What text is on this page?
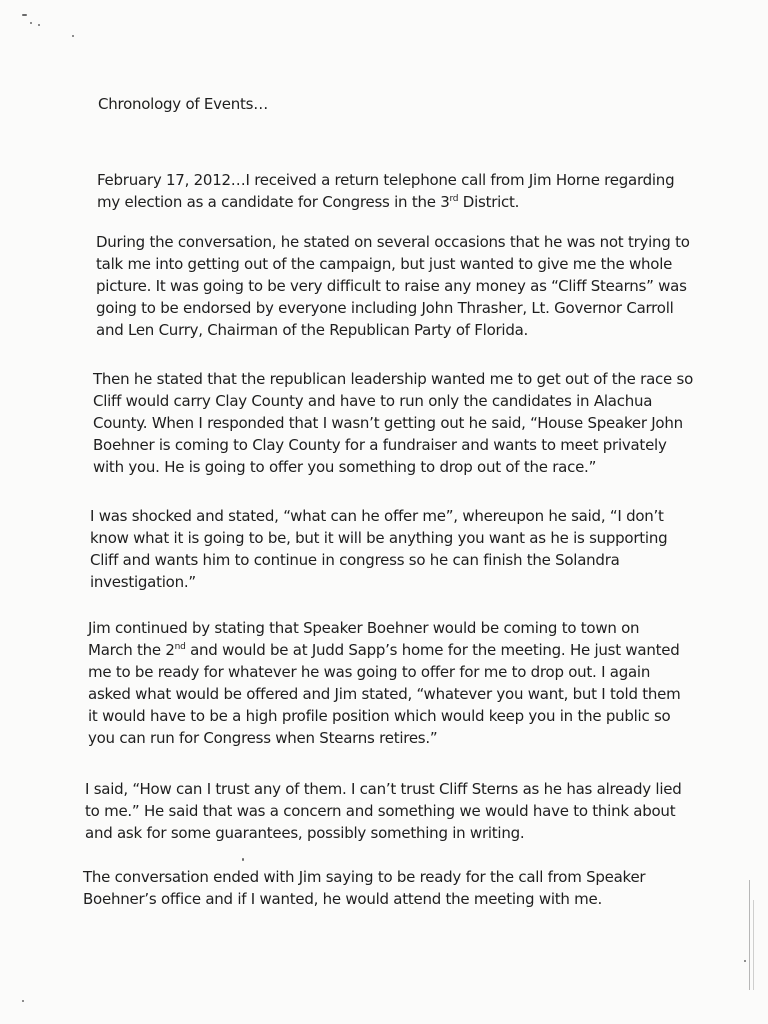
Chronology of Events…
February 17, 2012…I received a return telephone call from Jim Horne regarding
my election as a candidate for Congress in the 3rd District.
During the conversation, he stated on several occasions that he was not trying to
talk me into getting out of the campaign, but just wanted to give me the whole
picture. It was going to be very difficult to raise any money as “Cliff Stearns” was
going to be endorsed by everyone including John Thrasher, Lt. Governor Carroll
and Len Curry, Chairman of the Republican Party of Florida.
Then he stated that the republican leadership wanted me to get out of the race so
Cliff would carry Clay County and have to run only the candidates in Alachua
County. When I responded that I wasn’t getting out he said, “House Speaker John
Boehner is coming to Clay County for a fundraiser and wants to meet privately
with you. He is going to offer you something to drop out of the race.”
I was shocked and stated, “what can he offer me”, whereupon he said, “I don’t
know what it is going to be, but it will be anything you want as he is supporting
Cliff and wants him to continue in congress so he can finish the Solandra
investigation.”
Jim continued by stating that Speaker Boehner would be coming to town on
March the 2nd and would be at Judd Sapp’s home for the meeting. He just wanted
me to be ready for whatever he was going to offer for me to drop out. I again
asked what would be offered and Jim stated, “whatever you want, but I told them
it would have to be a high profile position which would keep you in the public so
you can run for Congress when Stearns retires.”
I said, “How can I trust any of them. I can’t trust Cliff Sterns as he has already lied
to me.” He said that was a concern and something we would have to think about
and ask for some guarantees, possibly something in writing.
The conversation ended with Jim saying to be ready for the call from Speaker
Boehner’s office and if I wanted, he would attend the meeting with me.
